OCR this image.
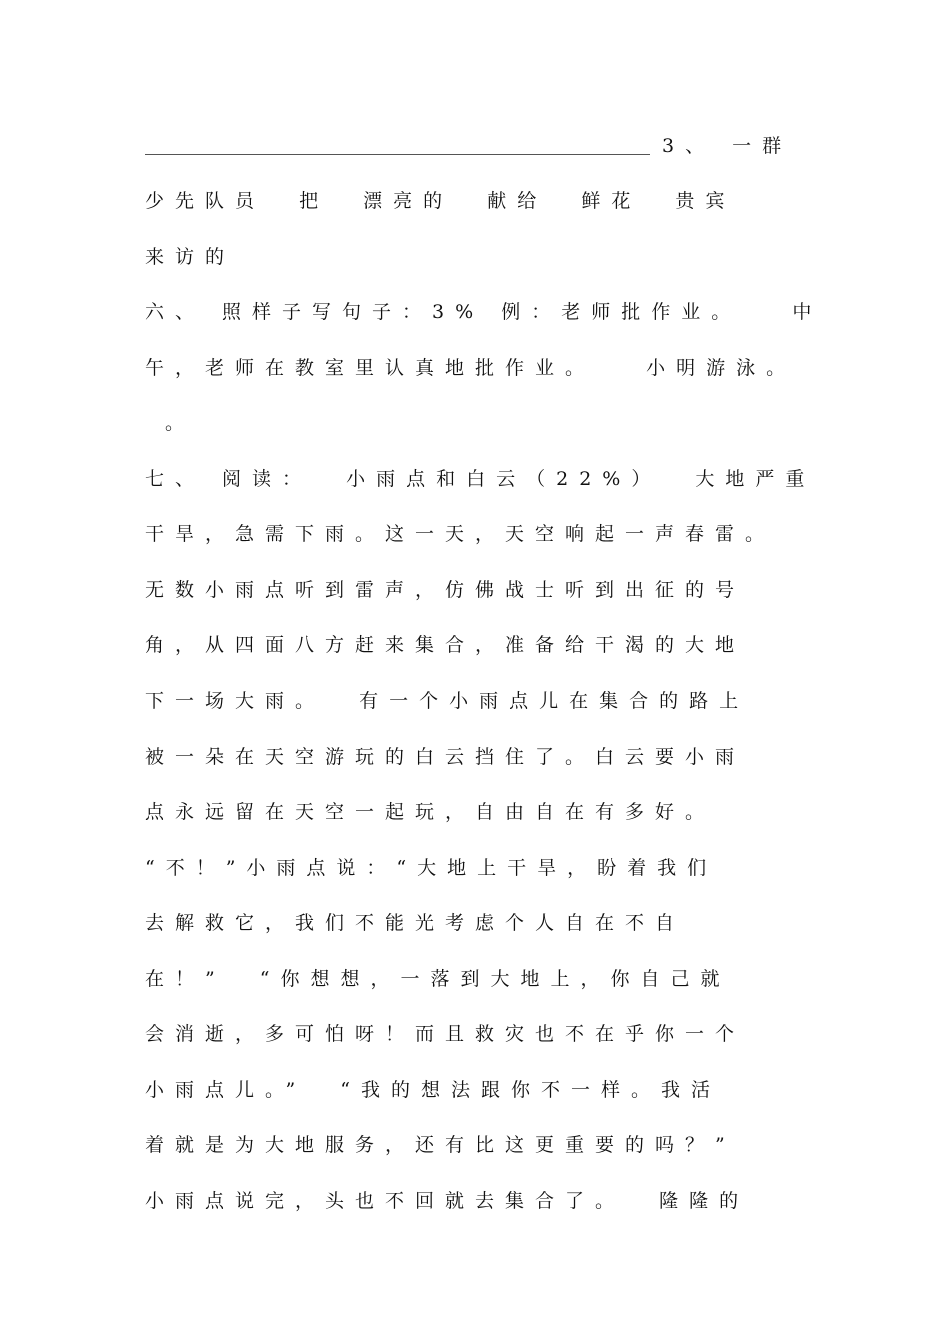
3、 一群
少先队员  把  漂亮的  献给  鲜花  贵宾
来访的
六、 照样子写句子：3% 例：老师批作业。   中
午，老师在教室里认真地批作业。   小明游泳。
。
七、 阅读：  小雨点和白云（22%）  大地严重
干旱，急需下雨。这一天，天空响起一声春雷。
无数小雨点听到雷声，仿佛战士听到出征的号
角，从四面八方赶来集合，准备给干渴的大地
下一场大雨。  有一个小雨点儿在集合的路上
被一朵在天空游玩的白云挡住了。白云要小雨
点永远留在天空一起玩，自由自在有多好。
“不！”小雨点说：“大地上干旱，盼着我们
去解救它，我们不能光考虑个人自在不自
在！”  “你想想，一落到大地上，你自己就
会消逝，多可怕呀！而且救灾也不在乎你一个
小雨点儿。”  “我的想法跟你不一样。我活
着就是为大地服务，还有比这更重要的吗？”
小雨点说完，头也不回就去集合了。  隆隆的
